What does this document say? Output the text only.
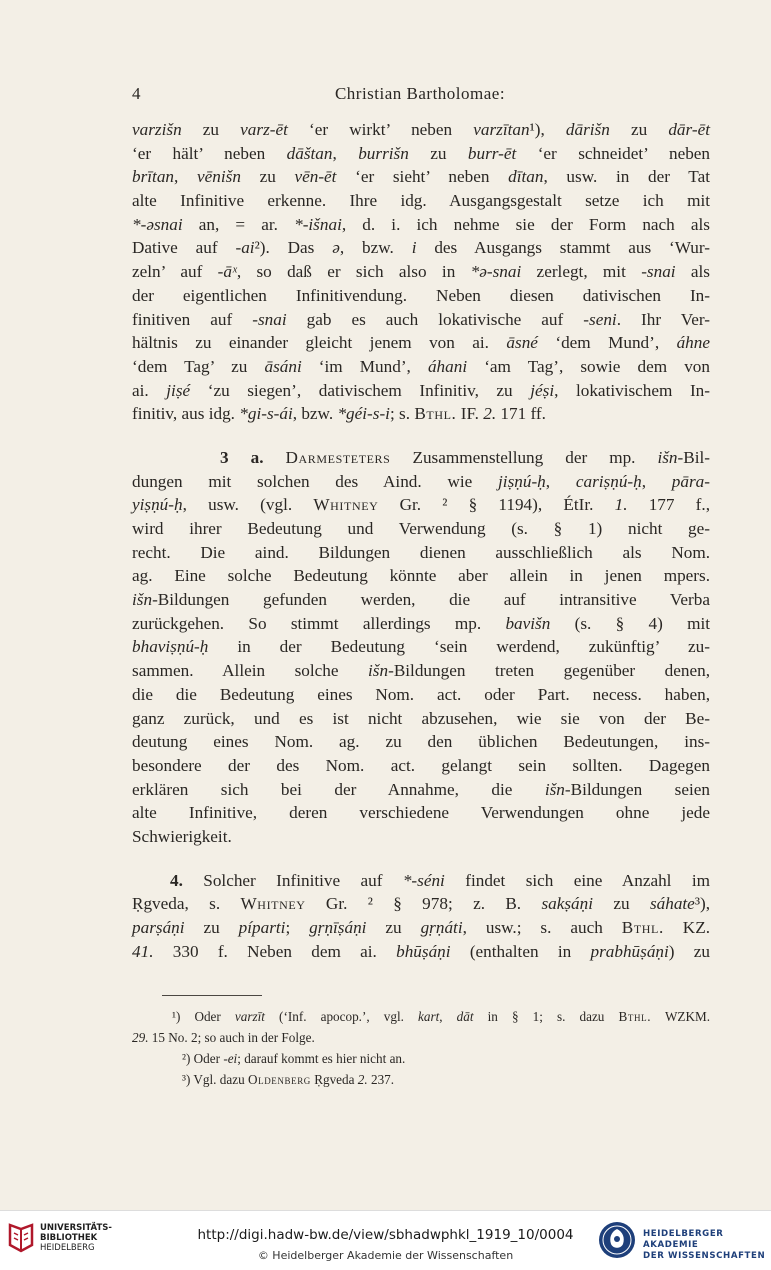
4	Christian Bartholomae:
varzišn zu varz-ēt ‘er wirkt’ neben varzītan¹), dārišn zu dār-ēt
‘er hält’ neben dāštan, burrišn zu burr-ēt ‘er schneidet’ neben
brītan, vēnišn zu vēn-ēt ‘er sieht’ neben dītan, usw. in der Tat
alte Infinitive erkenne. Ihre idg. Ausgangsgestalt setze ich mit
*-əsnai an, = ar. *-išnai, d. i. ich nehme sie der Form nach als
Dative auf -ai²). Das ə, bzw. i des Ausgangs stammt aus ‘Wur-
zeln’ auf -āˣ, so daß er sich also in *ə-snai zerlegt, mit -snai als
der eigentlichen Infinitivendung. Neben diesen dativischen In-
finitiven auf -snai gab es auch lokativische auf -seni. Ihr Ver-
hältnis zu einander gleicht jenem von ai. āsné ‘dem Mund’, áhne
‘dem Tag’ zu āsáni ‘im Mund’, áhani ‘am Tag’, sowie dem von
ai. jiṣé ‘zu siegen’, dativischem Infinitiv, zu jéṣi, lokativischem In-
finitiv, aus idg. *gi-s-ái, bzw. *géi-s-i; s. Bthl. IF. 2. 171 ff.
3 a. Darmesteters Zusammenstellung der mp. išn-Bil-
dungen mit solchen des Aind. wie jiṣṇú-ḥ, cariṣṇú-ḥ, pāra-
yiṣṇú-ḥ, usw. (vgl. Whitney Gr. ² § 1194), ÉtIr. 1. 177 f.,
wird ihrer Bedeutung und Verwendung (s. § 1) nicht ge-
recht. Die aind. Bildungen dienen ausschließlich als Nom.
ag. Eine solche Bedeutung könnte aber allein in jenen mpers.
išn-Bildungen gefunden werden, die auf intransitive Verba
zurückgehen. So stimmt allerdings mp. bavišn (s. § 4) mit
bhaviṣṇú-ḥ in der Bedeutung ‘sein werdend, zukünftig’ zu-
sammen. Allein solche išn-Bildungen treten gegenüber denen,
die die Bedeutung eines Nom. act. oder Part. necess. haben,
ganz zurück, und es ist nicht abzusehen, wie sie von der Be-
deutung eines Nom. ag. zu den üblichen Bedeutungen, ins-
besondere der des Nom. act. gelangt sein sollten. Dagegen
erklären sich bei der Annahme, die išn-Bildungen seien
alte Infinitive, deren verschiedene Verwendungen ohne jede
Schwierigkeit.
4. Solcher Infinitive auf *-séni findet sich eine Anzahl im
Ṛgveda, s. Whitney Gr. ² § 978; z. B. sakṣáṇi zu sáhate³),
parṣáṇi zu píparti; gṛṇīṣáṇi zu gṛṇáti, usw.; s. auch Bthl. KZ.
41. 330 f. Neben dem ai. bhūṣáṇi (enthalten in prabhūṣáṇi) zu
¹) Oder varzīt (‘Inf. apocop.’, vgl. kart, dāt in § 1; s. dazu Bthl. WZKM.
29. 15 No. 2; so auch in der Folge.
²) Oder -ei; darauf kommt es hier nicht an.
³) Vgl. dazu Oldenberg Ṛgveda 2. 237.
UNIVERSITÄTS-
BIBLIOTHEK
HEIDELBERG
http://digi.hadw-bw.de/view/sbhadwphkl_1919_10/0004
© Heidelberger Akademie der Wissenschaften
HEIDELBERGER AKADEMIE
DER WISSENSCHAFTEN
